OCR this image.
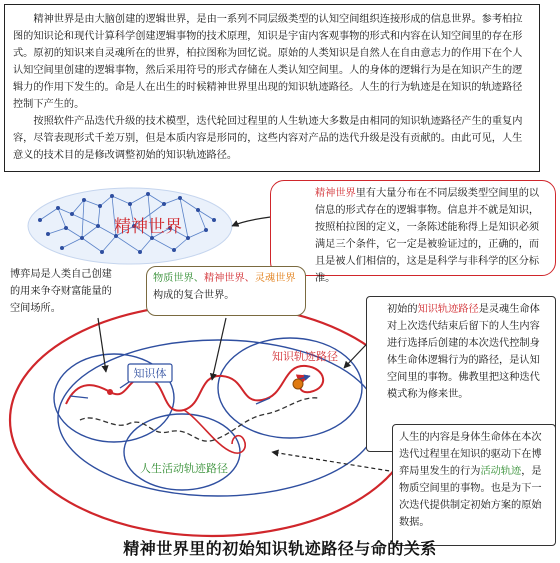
精神世界是由大脑创建的逻辑世界，是由一系列不同层级类型的认知空间组织连接形成的信息世界。参考柏拉图的知识论和现代计算科学创建逻辑事物的技术原理，知识是宇宙内客观事物的形式和内容在认知空间里的存在形式。原初的知识来自灵魂所在的世界，柏拉图称为回忆说。原始的人类知识是自然人在自由意志力的作用下在个人认知空间里创建的逻辑事物，然后采用符号的形式存储在人类认知空间里。人的身体的逻辑行为是在知识产生的逻辑力的作用下发生的。命是人在出生的时候精神世界里出现的知识轨迹路径。人生的行为轨迹是在知识的轨迹路径控制下产生的。

按照软件产品迭代升级的技术模型，迭代轮回过程里的人生轨迹大多数是由相同的知识轨迹路径产生的重复内容，尽管表现形式千差万别，但是本质内容是形同的，这些内容对产品的迭代升级是没有贡献的。由此可见，人生意义的技术目的是修改调整初始的知识轨迹路径。

精神世界
知识体
知识轨迹路径
人生活动轨迹路径
精神世界里有大量分布在不同层级类型空间里的以信息的形式存在的逻辑事物。信息并不就是知识，按照柏拉图的定义，一条陈述能称得上是知识必须满足三个条件，它一定是被验证过的，正确的，而且是被人们相信的，这是是科学与非科学的区分标准。
物质世界、精神世界、灵魂世界构成的复合世界。
博弈局是人类自己创建的用来争夺财富能量的空间场所。	初始的知识轨迹路径是灵魂生命体对上次迭代结束后留下的人生内容进行选择后创建的本次迭代控制身体生命体逻辑行为的路径，是认知空间里的事物。佛教里把这种迭代模式称为修来世。
人生的内容是身体生命体在本次迭代过程里在知识的驱动下在博弈局里发生的行为活动轨迹，是物质空间里的事物。也是为下一次迭代提供制定初始方案的原始数据。
精神世界里的初始知识轨迹路径与命的关系
